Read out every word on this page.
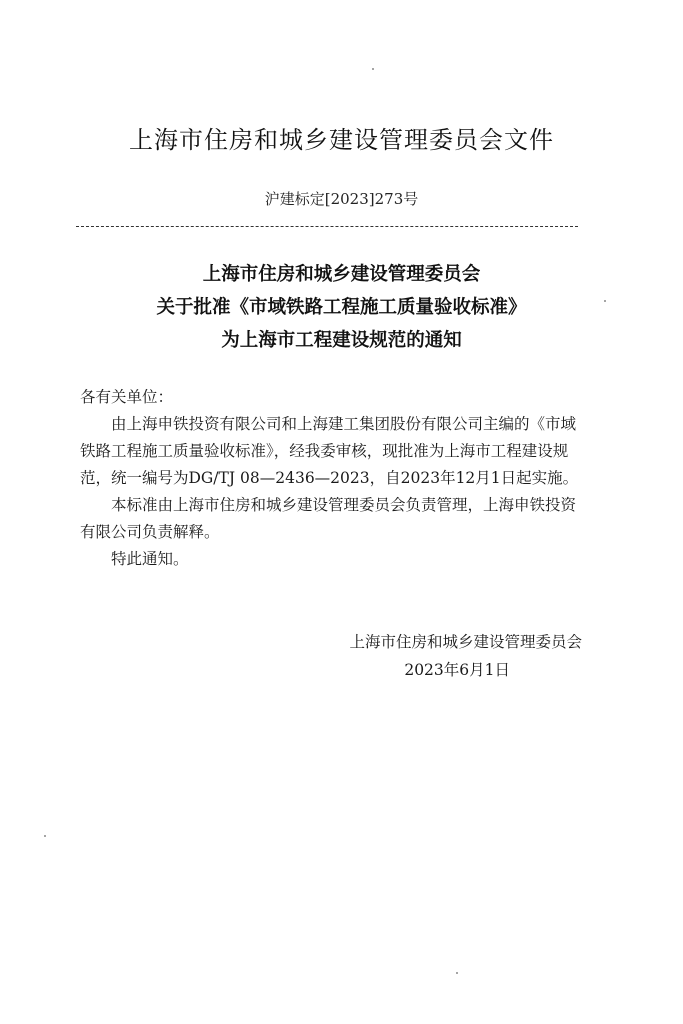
上海市住房和城乡建设管理委员会文件
沪建标定[2023]273号
上海市住房和城乡建设管理委员会
关于批准《市域铁路工程施工质量验收标准》
为上海市工程建设规范的通知
各有关单位：
由上海申铁投资有限公司和上海建工集团股份有限公司主编的《市域铁路工程施工质量验收标准》，经我委审核，现批准为上海市工程建设规范，统一编号为DG/TJ 08—2436—2023，自2023年12月1日起实施。
本标准由上海市住房和城乡建设管理委员会负责管理，上海申铁投资有限公司负责解释。
特此通知。
上海市住房和城乡建设管理委员会
2023年6月1日
